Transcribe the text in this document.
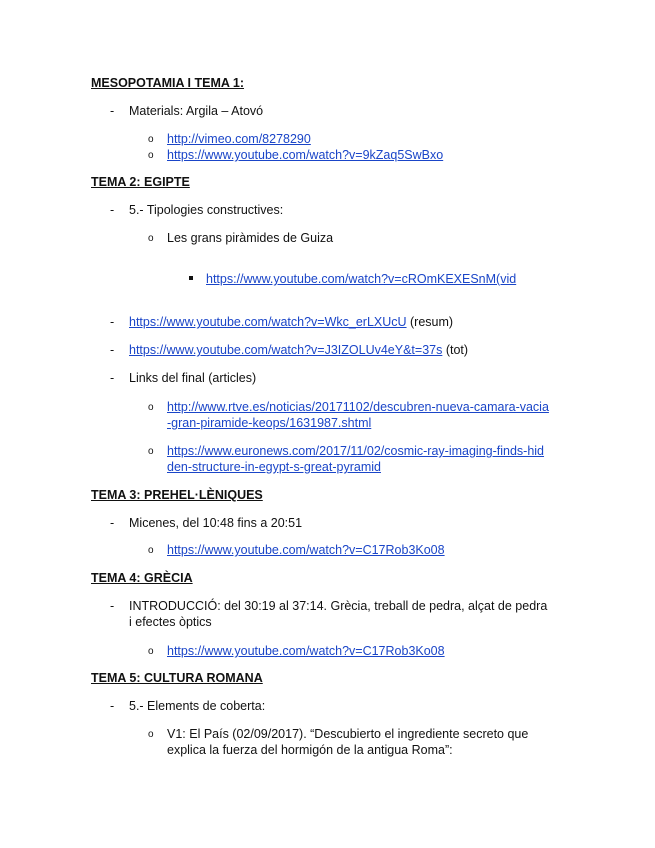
MESOPOTAMIA I TEMA 1:
- Materials: Argila – Atovó
o http://vimeo.com/8278290
o https://www.youtube.com/watch?v=9kZaq5SwBxo
TEMA 2: EGIPTE
- 5.- Tipologies constructives:
o Les grans piràmides de Guiza
https://www.youtube.com/watch?v=cROmKEXESnM(vid
- https://www.youtube.com/watch?v=Wkc_erLXUcU (resum)
- https://www.youtube.com/watch?v=J3IZOLUv4eY&t=37s (tot)
- Links del final (articles)
o http://www.rtve.es/noticias/20171102/descubren-nueva-camara-vacia
-gran-piramide-keops/1631987.shtml
o https://www.euronews.com/2017/11/02/cosmic-ray-imaging-finds-hid
den-structure-in-egypt-s-great-pyramid
TEMA 3: PREHEL·LÈNIQUES
- Micenes, del 10:48 fins a 20:51
o https://www.youtube.com/watch?v=C17Rob3Ko08
TEMA 4: GRÈCIA
- INTRODUCCIÓ: del 30:19 al 37:14. Grècia, treball de pedra, alçat de pedra
i efectes òptics
o https://www.youtube.com/watch?v=C17Rob3Ko08
TEMA 5: CULTURA ROMANA
- 5.- Elements de coberta:
o V1: El País (02/09/2017). “Descubierto el ingrediente secreto que
explica la fuerza del hormigón de la antigua Roma”:
